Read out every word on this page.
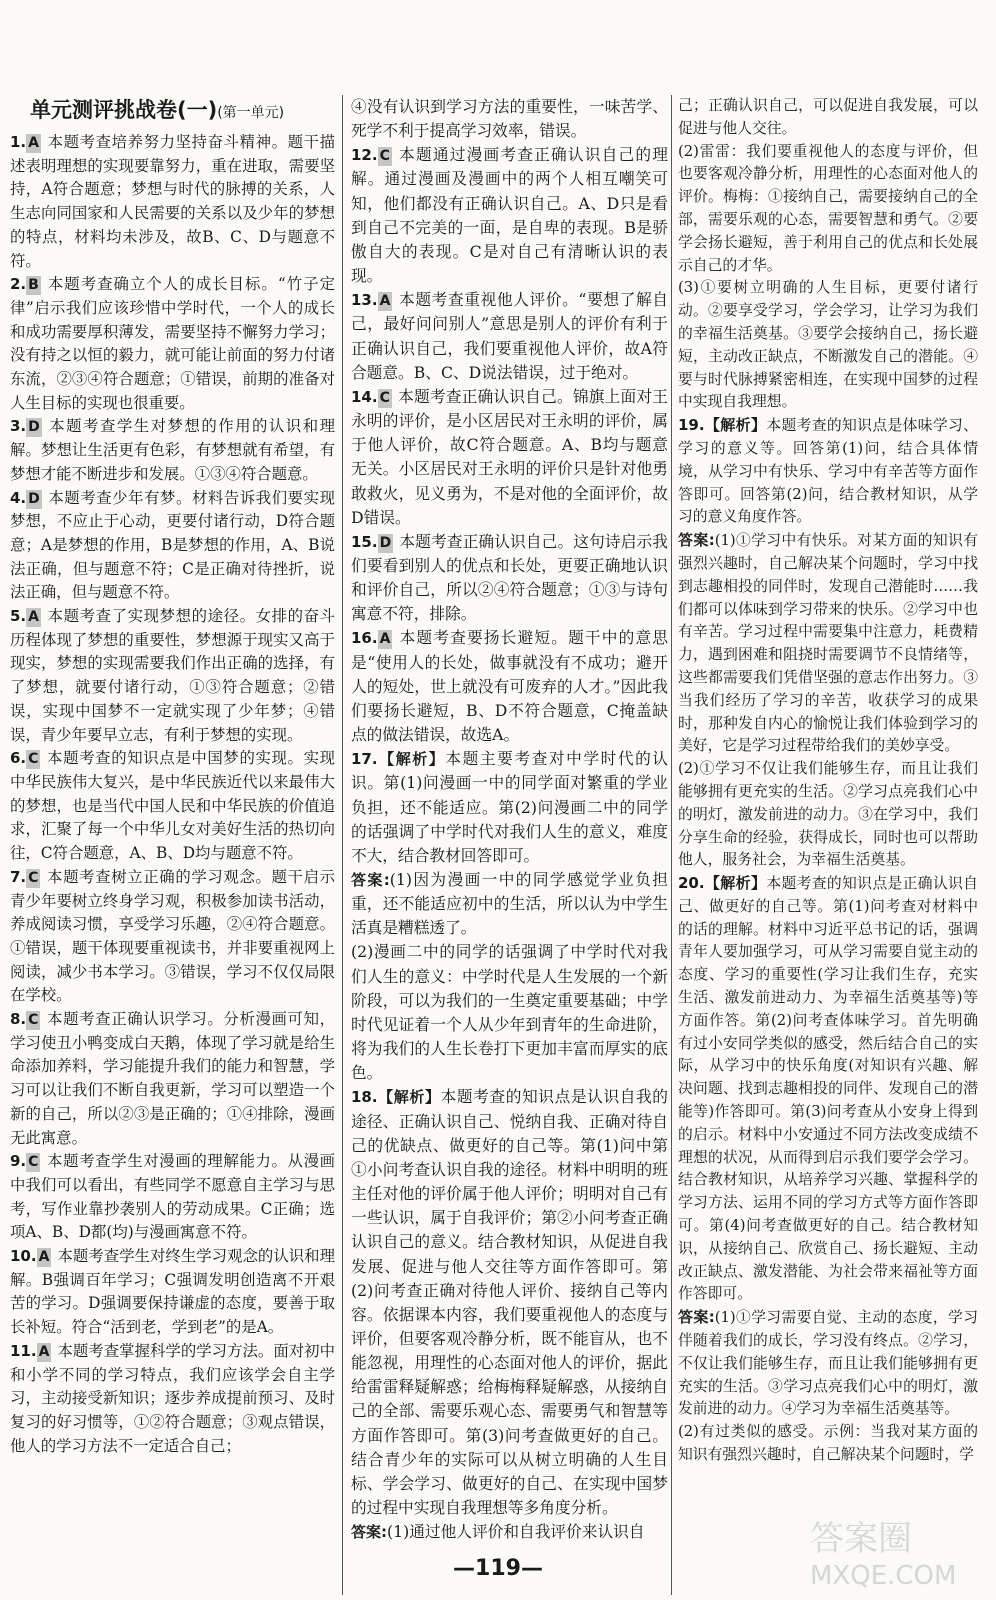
单元测评挑战卷(一)(第一单元)

1. A 本题考查培养努力坚持奋斗精神。题干描述表明理想的实现要靠努力，重在进取，需要坚持，A符合题意；梦想与时代的脉搏的关系，人生志向同国家和人民需要的关系以及少年的梦想的特点，材料均未涉及，故B、C、D与题意不符。

2. B 本题考查确立个人的成长目标。“竹子定律”启示我们应该珍惜中学时代，一个人的成长和成功需要厚积薄发，需要坚持不懈努力学习；没有持之以恒的毅力，就可能让前面的努力付诸东流，②③④符合题意；①错误，前期的准备对人生目标的实现也很重要。

3. D 本题考查学生对梦想的作用的认识和理解。梦想让生活更有色彩，有梦想就有希望，有梦想才能不断进步和发展。①③④符合题意。

4. D 本题考查少年有梦。材料告诉我们要实现梦想，不应止于心动，更要付诸行动，D符合题意；A是梦想的作用，B是梦想的作用，A、B说法正确，但与题意不符；C是正确对待挫折，说法正确，但与题意不符。

5. A 本题考查了实现梦想的途径。女排的奋斗历程体现了梦想的重要性，梦想源于现实又高于现实，梦想的实现需要我们作出正确的选择，有了梦想，就要付诸行动，①③符合题意；②错误，实现中国梦不一定就实现了少年梦；④错误，青少年要早立志，有利于梦想的实现。

6. C 本题考查的知识点是中国梦的实现。实现中华民族伟大复兴，是中华民族近代以来最伟大的梦想，也是当代中国人民和中华民族的价值追求，汇聚了每一个中华儿女对美好生活的热切向往，C符合题意，A、B、D均与题意不符。

7. C 本题考查树立正确的学习观念。题干启示青少年要树立终身学习观，积极参加读书活动，养成阅读习惯，享受学习乐趣，②④符合题意。①错误，题干体现要重视读书，并非要重视网上阅读，减少书本学习。③错误，学习不仅仅局限在学校。

8. C 本题考查正确认识学习。分析漫画可知，学习使丑小鸭变成白天鹅，体现了学习就是给生命添加养料，学习能提升我们的能力和智慧，学习可以让我们不断自我更新，学习可以塑造一个新的自己，所以②③是正确的；①④排除，漫画无此寓意。

9. C 本题考查学生对漫画的理解能力。从漫画中我们可以看出，有些同学不愿意自主学习与思考，写作业靠抄袭别人的劳动成果。C正确；选项A、B、D都(均)与漫画寓意不符。

10. A 本题考查学生对终生学习观念的认识和理解。B强调百年学习；C强调发明创造离不开艰苦的学习。D强调要保持谦虚的态度，要善于取长补短。符合“活到老，学到老”的是A。

11. A 本题考查掌握科学的学习方法。面对初中和小学不同的学习特点，我们应该学会自主学习，主动接受新知识；逐步养成提前预习、及时复习的好习惯等，①②符合题意；③观点错误，他人的学习方法不一定适合自己；

④没有认识到学习方法的重要性，一味苦学、死学不利于提高学习效率，错误。

12. C 本题通过漫画考查正确认识自己的理解。通过漫画及漫画中的两个人相互嘲笑可知，他们都没有正确认识自己。A、D只是看到自己不完美的一面，是自卑的表现。B是骄傲自大的表现。C是对自己有清晰认识的表现。

13. A 本题考查重视他人评价。“要想了解自己，最好问问别人”意思是别人的评价有利于正确认识自己，我们要重视他人评价，故A符合题意。B、C、D说法错误，过于绝对。

14. C 本题考查正确认识自己。锦旗上面对王永明的评价，是小区居民对王永明的评价，属于他人评价，故C符合题意。A、B均与题意无关。小区居民对王永明的评价只是针对他勇敢救火，见义勇为，不是对他的全面评价，故D错误。

15. D 本题考查正确认识自己。这句诗启示我们要看到别人的优点和长处，更要正确地认识和评价自己，所以②④符合题意；①③与诗句寓意不符，排除。

16. A 本题考查要扬长避短。题干中的意思是“使用人的长处，做事就没有不成功；避开人的短处，世上就没有可废弃的人才。”因此我们要扬长避短，B、D不符合题意，C掩盖缺点的做法错误，故选A。

17.【解析】本题主要考查对中学时代的认识。第(1)问漫画一中的同学面对繁重的学业负担，还不能适应。第(2)问漫画二中的同学的话强调了中学时代对我们人生的意义，难度不大，结合教材回答即可。

答案:(1)因为漫画一中的同学感觉学业负担重，还不能适应初中的生活，所以认为中学生活真是糟糕透了。

(2)漫画二中的同学的话强调了中学时代对我们人生的意义：中学时代是人生发展的一个新阶段，可以为我们的一生奠定重要基础；中学时代见证着一个人从少年到青年的生命进阶，将为我们的人生长卷打下更加丰富而厚实的底色。

18.【解析】本题考查的知识点是认识自我的途径、正确认识自己、悦纳自我、正确对待自己的优缺点、做更好的自己等。第(1)问中第①小问考查认识自我的途径。材料中明明的班主任对他的评价属于他人评价；明明对自己有一些认识，属于自我评价；第②小问考查正确认识自己的意义。结合教材知识，从促进自我发展、促进与他人交往等方面作答即可。第(2)问考查正确对待他人评价、接纳自己等内容。依据课本内容，我们要重视他人的态度与评价，但要客观冷静分析，既不能盲从，也不能忽视，用理性的心态面对他人的评价，据此给雷雷释疑解惑；给梅梅释疑解惑，从接纳自己的全部、需要乐观心态、需要勇气和智慧等方面作答即可。第(3)问考查做更好的自己。结合青少年的实际可以从树立明确的人生目标、学会学习、做更好的自己、在实现中国梦的过程中实现自我理想等多角度分析。

答案:(1)通过他人评价和自我评价来认识自

己；正确认识自己，可以促进自我发展，可以促进与他人交往。

(2)雷雷：我们要重视他人的态度与评价，但也要客观冷静分析，用理性的心态面对他人的评价。梅梅：①接纳自己，需要接纳自己的全部，需要乐观的心态，需要智慧和勇气。②要学会扬长避短，善于利用自己的优点和长处展示自己的才华。

(3)①要树立明确的人生目标，更要付诸行动。②要享受学习，学会学习，让学习为我们的幸福生活奠基。③要学会接纳自己，扬长避短，主动改正缺点，不断激发自己的潜能。④要与时代脉搏紧密相连，在实现中国梦的过程中实现自我理想。

19.【解析】本题考查的知识点是体味学习、学习的意义等。回答第(1)问，结合具体情境，从学习中有快乐、学习中有辛苦等方面作答即可。回答第(2)问，结合教材知识，从学习的意义角度作答。

答案:(1)①学习中有快乐。对某方面的知识有强烈兴趣时，自己解决某个问题时，学习中找到志趣相投的同伴时，发现自己潜能时……我们都可以体味到学习带来的快乐。②学习中也有辛苦。学习过程中需要集中注意力，耗费精力，遇到困难和阻挠时需要调节不良情绪等，这些都需要我们凭借坚强的意志作出努力。③当我们经历了学习的辛苦，收获学习的成果时，那种发自内心的愉悦让我们体验到学习的美好，它是学习过程带给我们的美妙享受。

(2)①学习不仅让我们能够生存，而且让我们能够拥有更充实的生活。②学习点亮我们心中的明灯，激发前进的动力。③在学习中，我们分享生命的经验，获得成长，同时也可以帮助他人，服务社会，为幸福生活奠基。

20.【解析】本题考查的知识点是正确认识自己、做更好的自己等。第(1)问考查对材料中的话的理解。材料中习近平总书记的话，强调青年人要加强学习，可从学习需要自觉主动的态度、学习的重要性(学习让我们生存，充实生活、激发前进动力、为幸福生活奠基等)等方面作答。第(2)问考查体味学习。首先明确有过小安同学类似的感受，然后结合自己的实际，从学习中的快乐角度(对知识有兴趣、解决问题、找到志趣相投的同伴、发现自己的潜能等)作答即可。第(3)问考查从小安身上得到的启示。材料中小安通过不同方法改变成绩不理想的状况，从而得到启示我们要学会学习。结合教材知识，从培养学习兴趣、掌握科学的学习方法、运用不同的学习方式等方面作答即可。第(4)问考查做更好的自己。结合教材知识，从接纳自己、欣赏自己、扬长避短、主动改正缺点、激发潜能、为社会带来福祉等方面作答即可。

答案:(1)①学习需要自觉、主动的态度，学习伴随着我们的成长，学习没有终点。②学习，不仅让我们能够生存，而且让我们能够拥有更充实的生活。③学习点亮我们心中的明灯，激发前进的动力。④学习为幸福生活奠基等。

(2)有过类似的感受。示例：当我对某方面的知识有强烈兴趣时，自己解决某个问题时，学

—119—
答案圈
MXQE.COM
